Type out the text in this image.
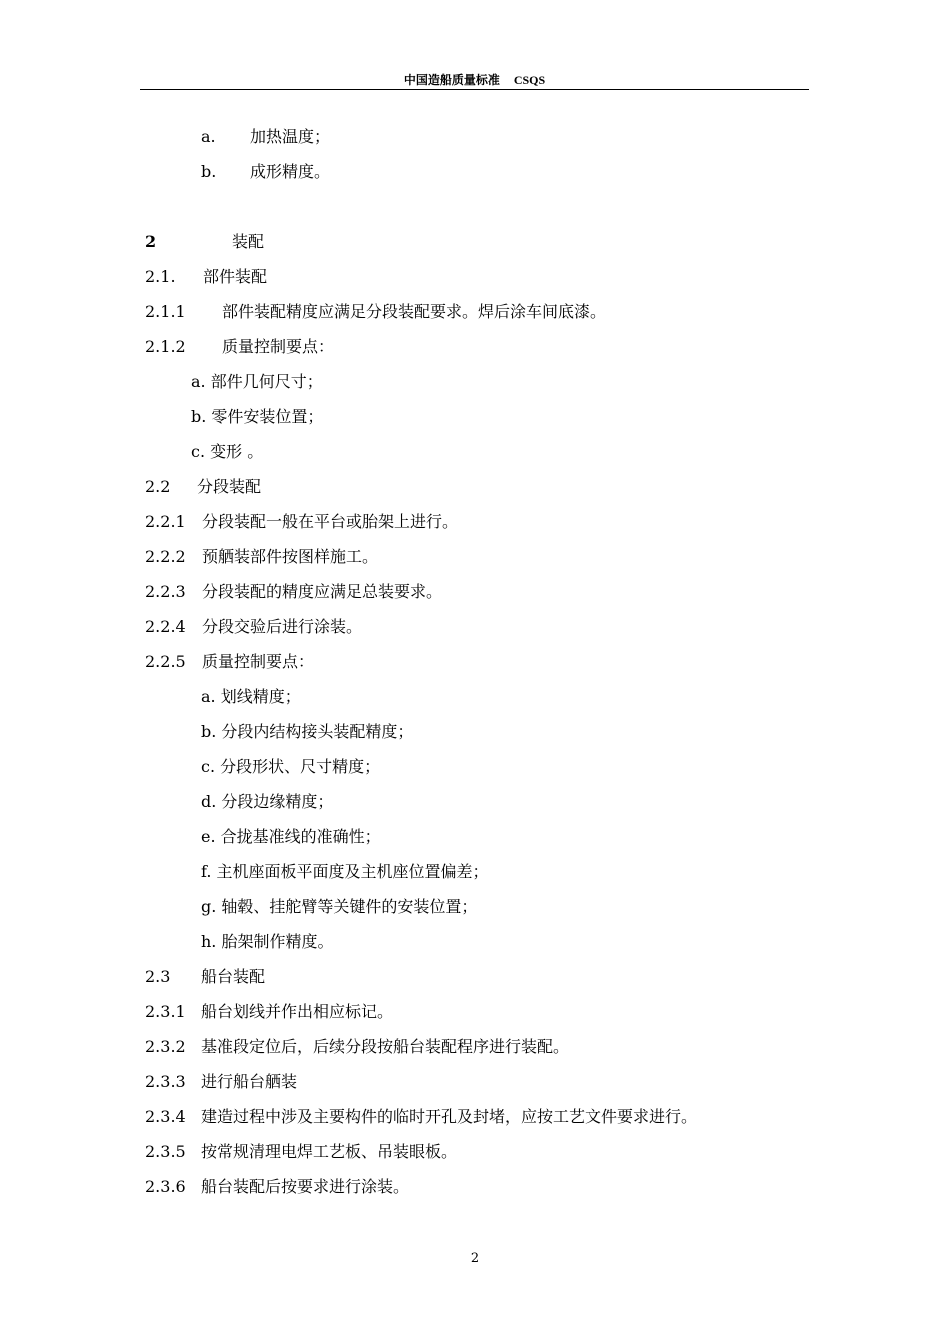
中国造船质量标准 CSQS
a. 加热温度；
b. 成形精度。
2	装配
2.1. 部件装配
2.1.1 部件装配精度应满足分段装配要求。焊后涂车间底漆。
2.1.2 质量控制要点：
a. 部件几何尺寸；
b. 零件安装位置；
c. 变形 。
2.2 分段装配
2.2.1 分段装配一般在平台或胎架上进行。
2.2.2 预舾装部件按图样施工。
2.2.3 分段装配的精度应满足总装要求。
2.2.4 分段交验后进行涂装。
2.2.5 质量控制要点：
a. 划线精度；
b. 分段内结构接头装配精度；
c. 分段形状、尺寸精度；
d. 分段边缘精度；
e. 合拢基准线的准确性；
f. 主机座面板平面度及主机座位置偏差；
g. 轴毂、挂舵臂等关键件的安装位置；
h. 胎架制作精度。
2.3 船台装配
2.3.1 船台划线并作出相应标记。
2.3.2 基准段定位后，后续分段按船台装配程序进行装配。
2.3.3 进行船台舾装
2.3.4 建造过程中涉及主要构件的临时开孔及封堵，应按工艺文件要求进行。
2.3.5 按常规清理电焊工艺板、吊装眼板。
2.3.6 船台装配后按要求进行涂装。
2
